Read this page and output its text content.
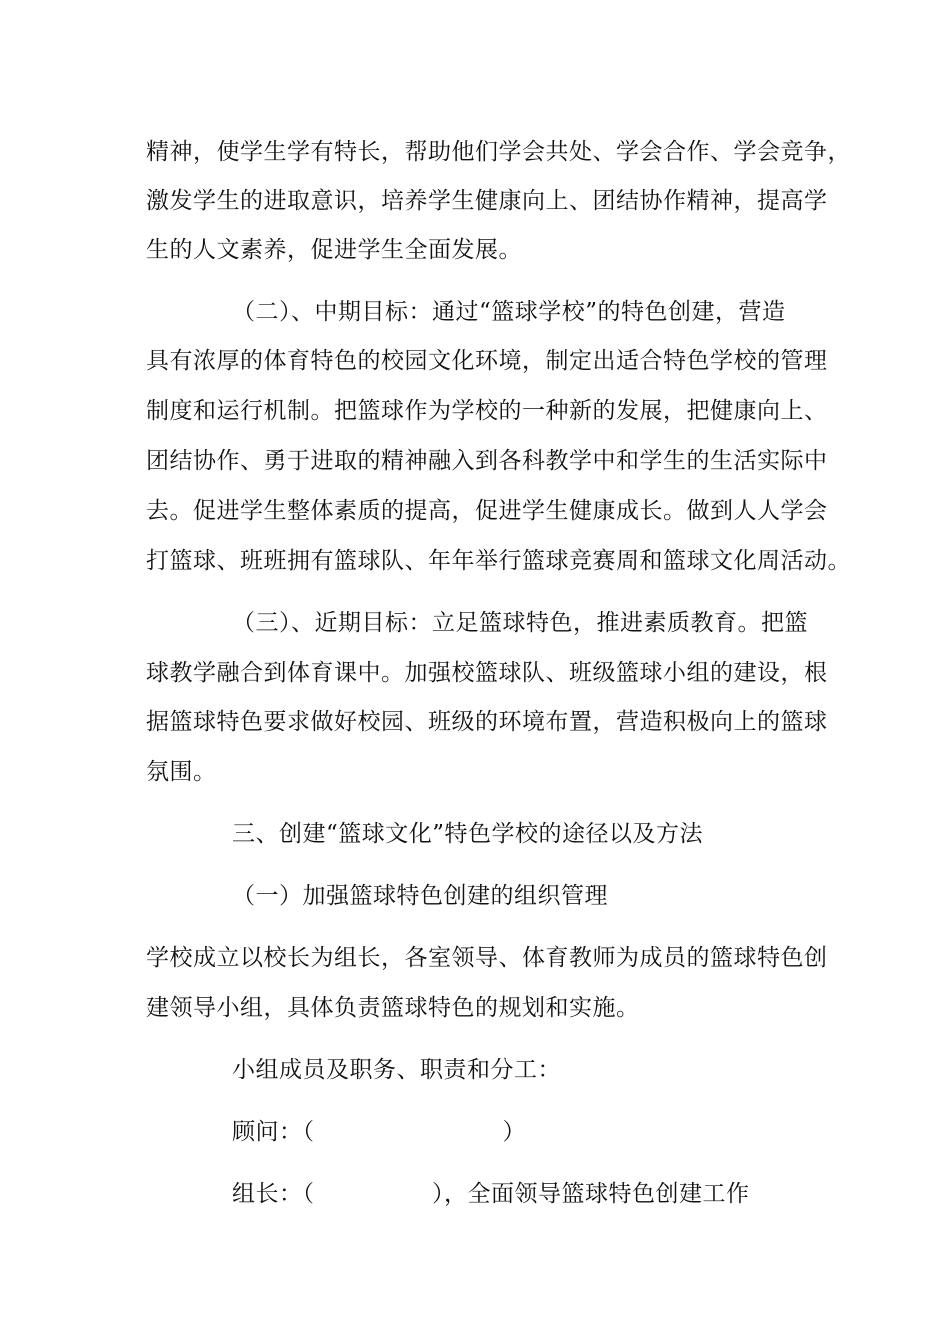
精神，使学生学有特长，帮助他们学会共处、学会合作、学会竞争，
激发学生的进取意识，培养学生健康向上、团结协作精神，提高学
生的人文素养，促进学生全面发展。
（二）、中期目标：通过“篮球学校”的特色创建，营造
具有浓厚的体育特色的校园文化环境，制定出适合特色学校的管理
制度和运行机制。把篮球作为学校的一种新的发展，把健康向上、
团结协作、勇于进取的精神融入到各科教学中和学生的生活实际中
去。促进学生整体素质的提高，促进学生健康成长。做到人人学会
打篮球、班班拥有篮球队、年年举行篮球竞赛周和篮球文化周活动。
（三）、近期目标：立足篮球特色，推进素质教育。把篮
球教学融合到体育课中。加强校篮球队、班级篮球小组的建设，根
据篮球特色要求做好校园、班级的环境布置，营造积极向上的篮球
氛围。
三、创建“篮球文化”特色学校的途径以及方法
（一）加强篮球特色创建的组织管理
学校成立以校长为组长，各室领导、体育教师为成员的篮球特色创
建领导小组，具体负责篮球特色的规划和实施。
小组成员及职务、职责和分工：
顾问：（　　　　　　　　）
组长：（　　　　　），全面领导篮球特色创建工作
